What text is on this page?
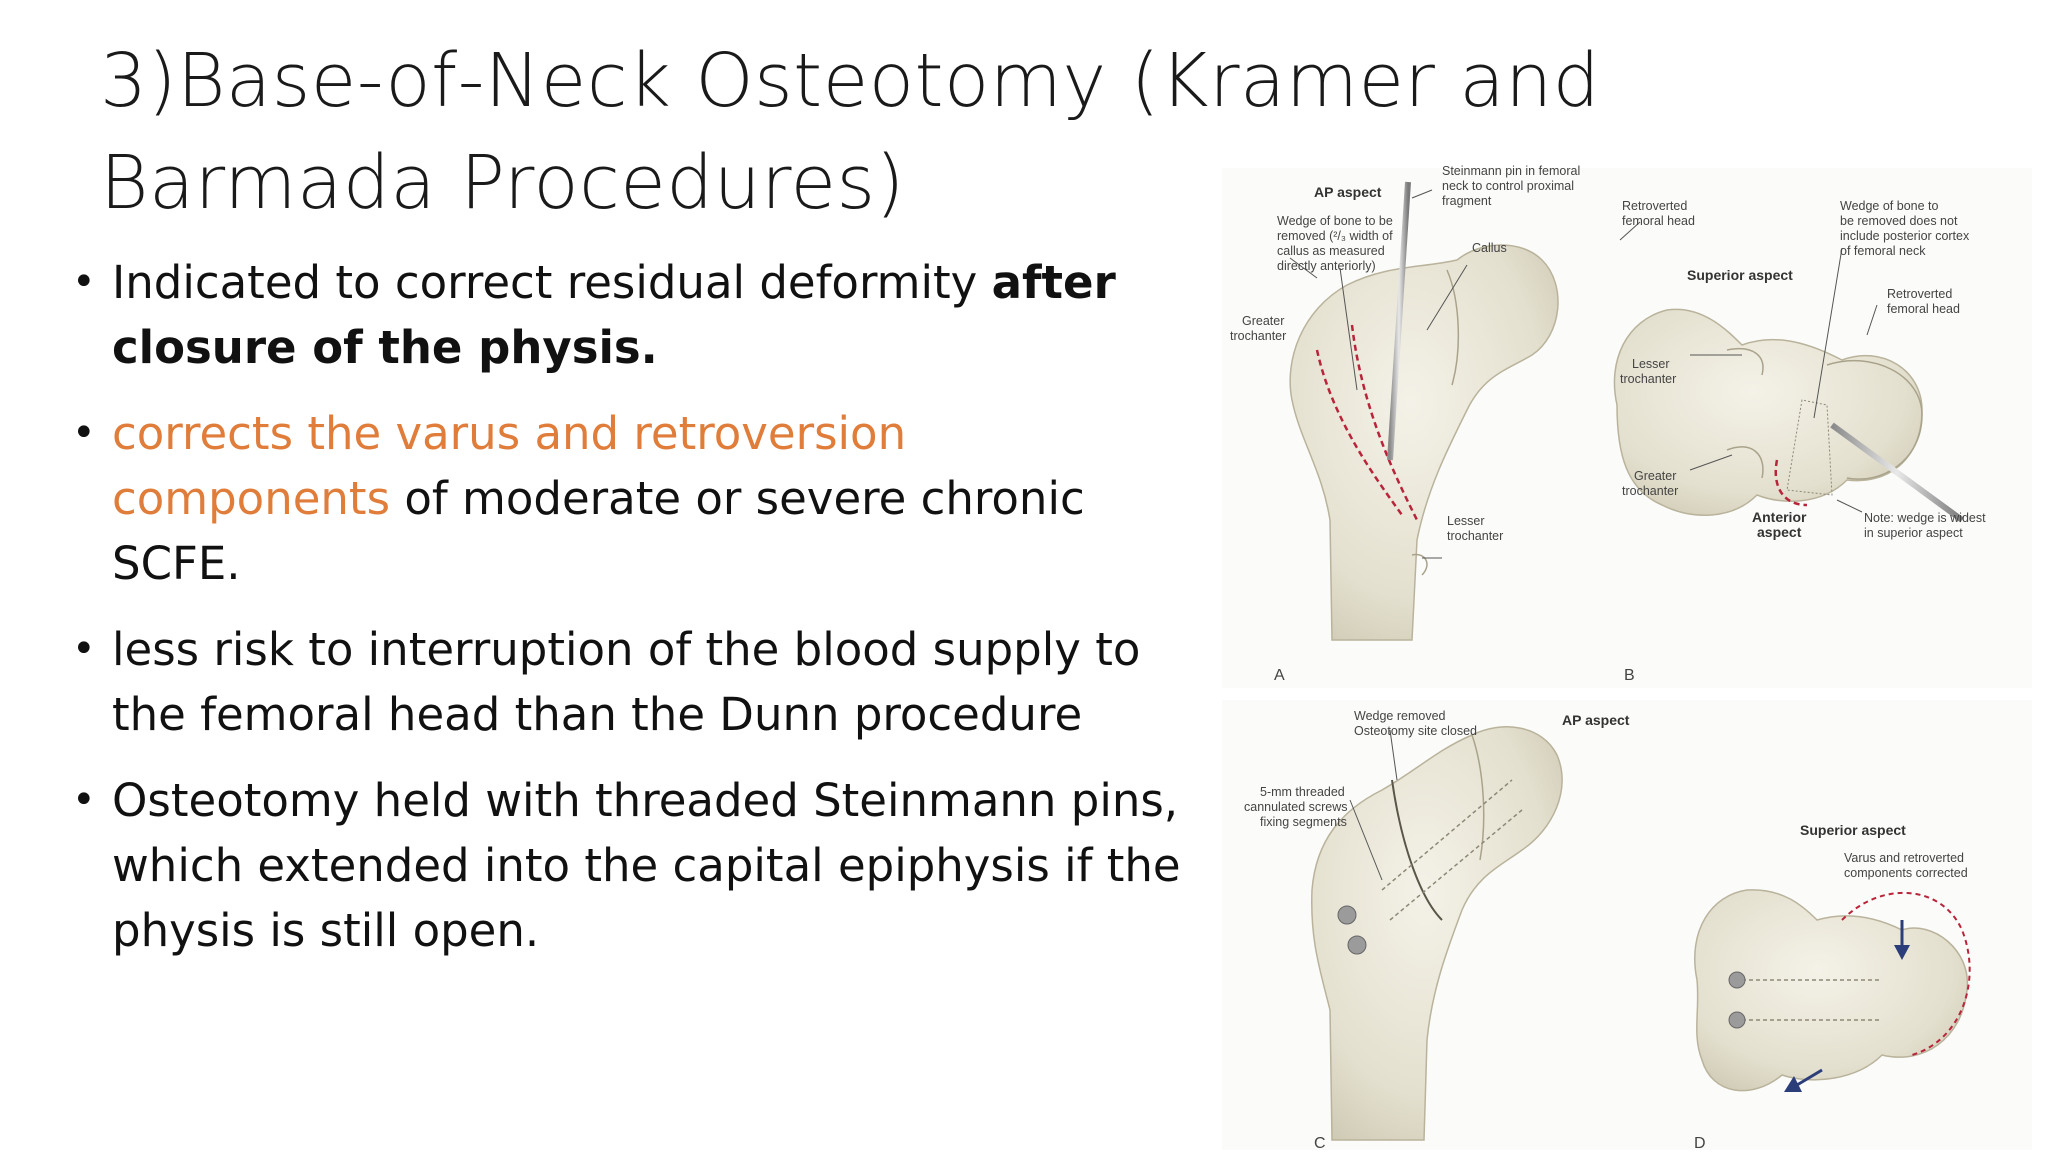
3)Base-of-Neck Osteotomy (Kramer and Barmada Procedures)
• Indicated to correct residual deformity after closure of the physis.
• corrects the varus and retroversion components of moderate or severe chronic SCFE.
• less risk to interruption of the blood supply to the femoral head than the Dunn procedure
• Osteotomy held with threaded Steinmann pins, which extended into the capital epiphysis if the physis is still open.
AP aspect
Steinmann pin in femoral neck to control proximal fragment
Wedge of bone to be removed (²/₃ width of callus as measured directly anteriorly)
Callus
Greater trochanter
Lesser trochanter
A
Retroverted femoral head
Wedge of bone to be removed does not include posterior cortex of femoral neck
Superior aspect
Retroverted femoral head
Lesser trochanter
Greater trochanter
Anterior aspect
Note: wedge is widest in superior aspect
B
Wedge removed Osteotomy site closed
AP aspect
5-mm threaded cannulated screws fixing segments
C
Superior aspect
Varus and retroverted components corrected
D
